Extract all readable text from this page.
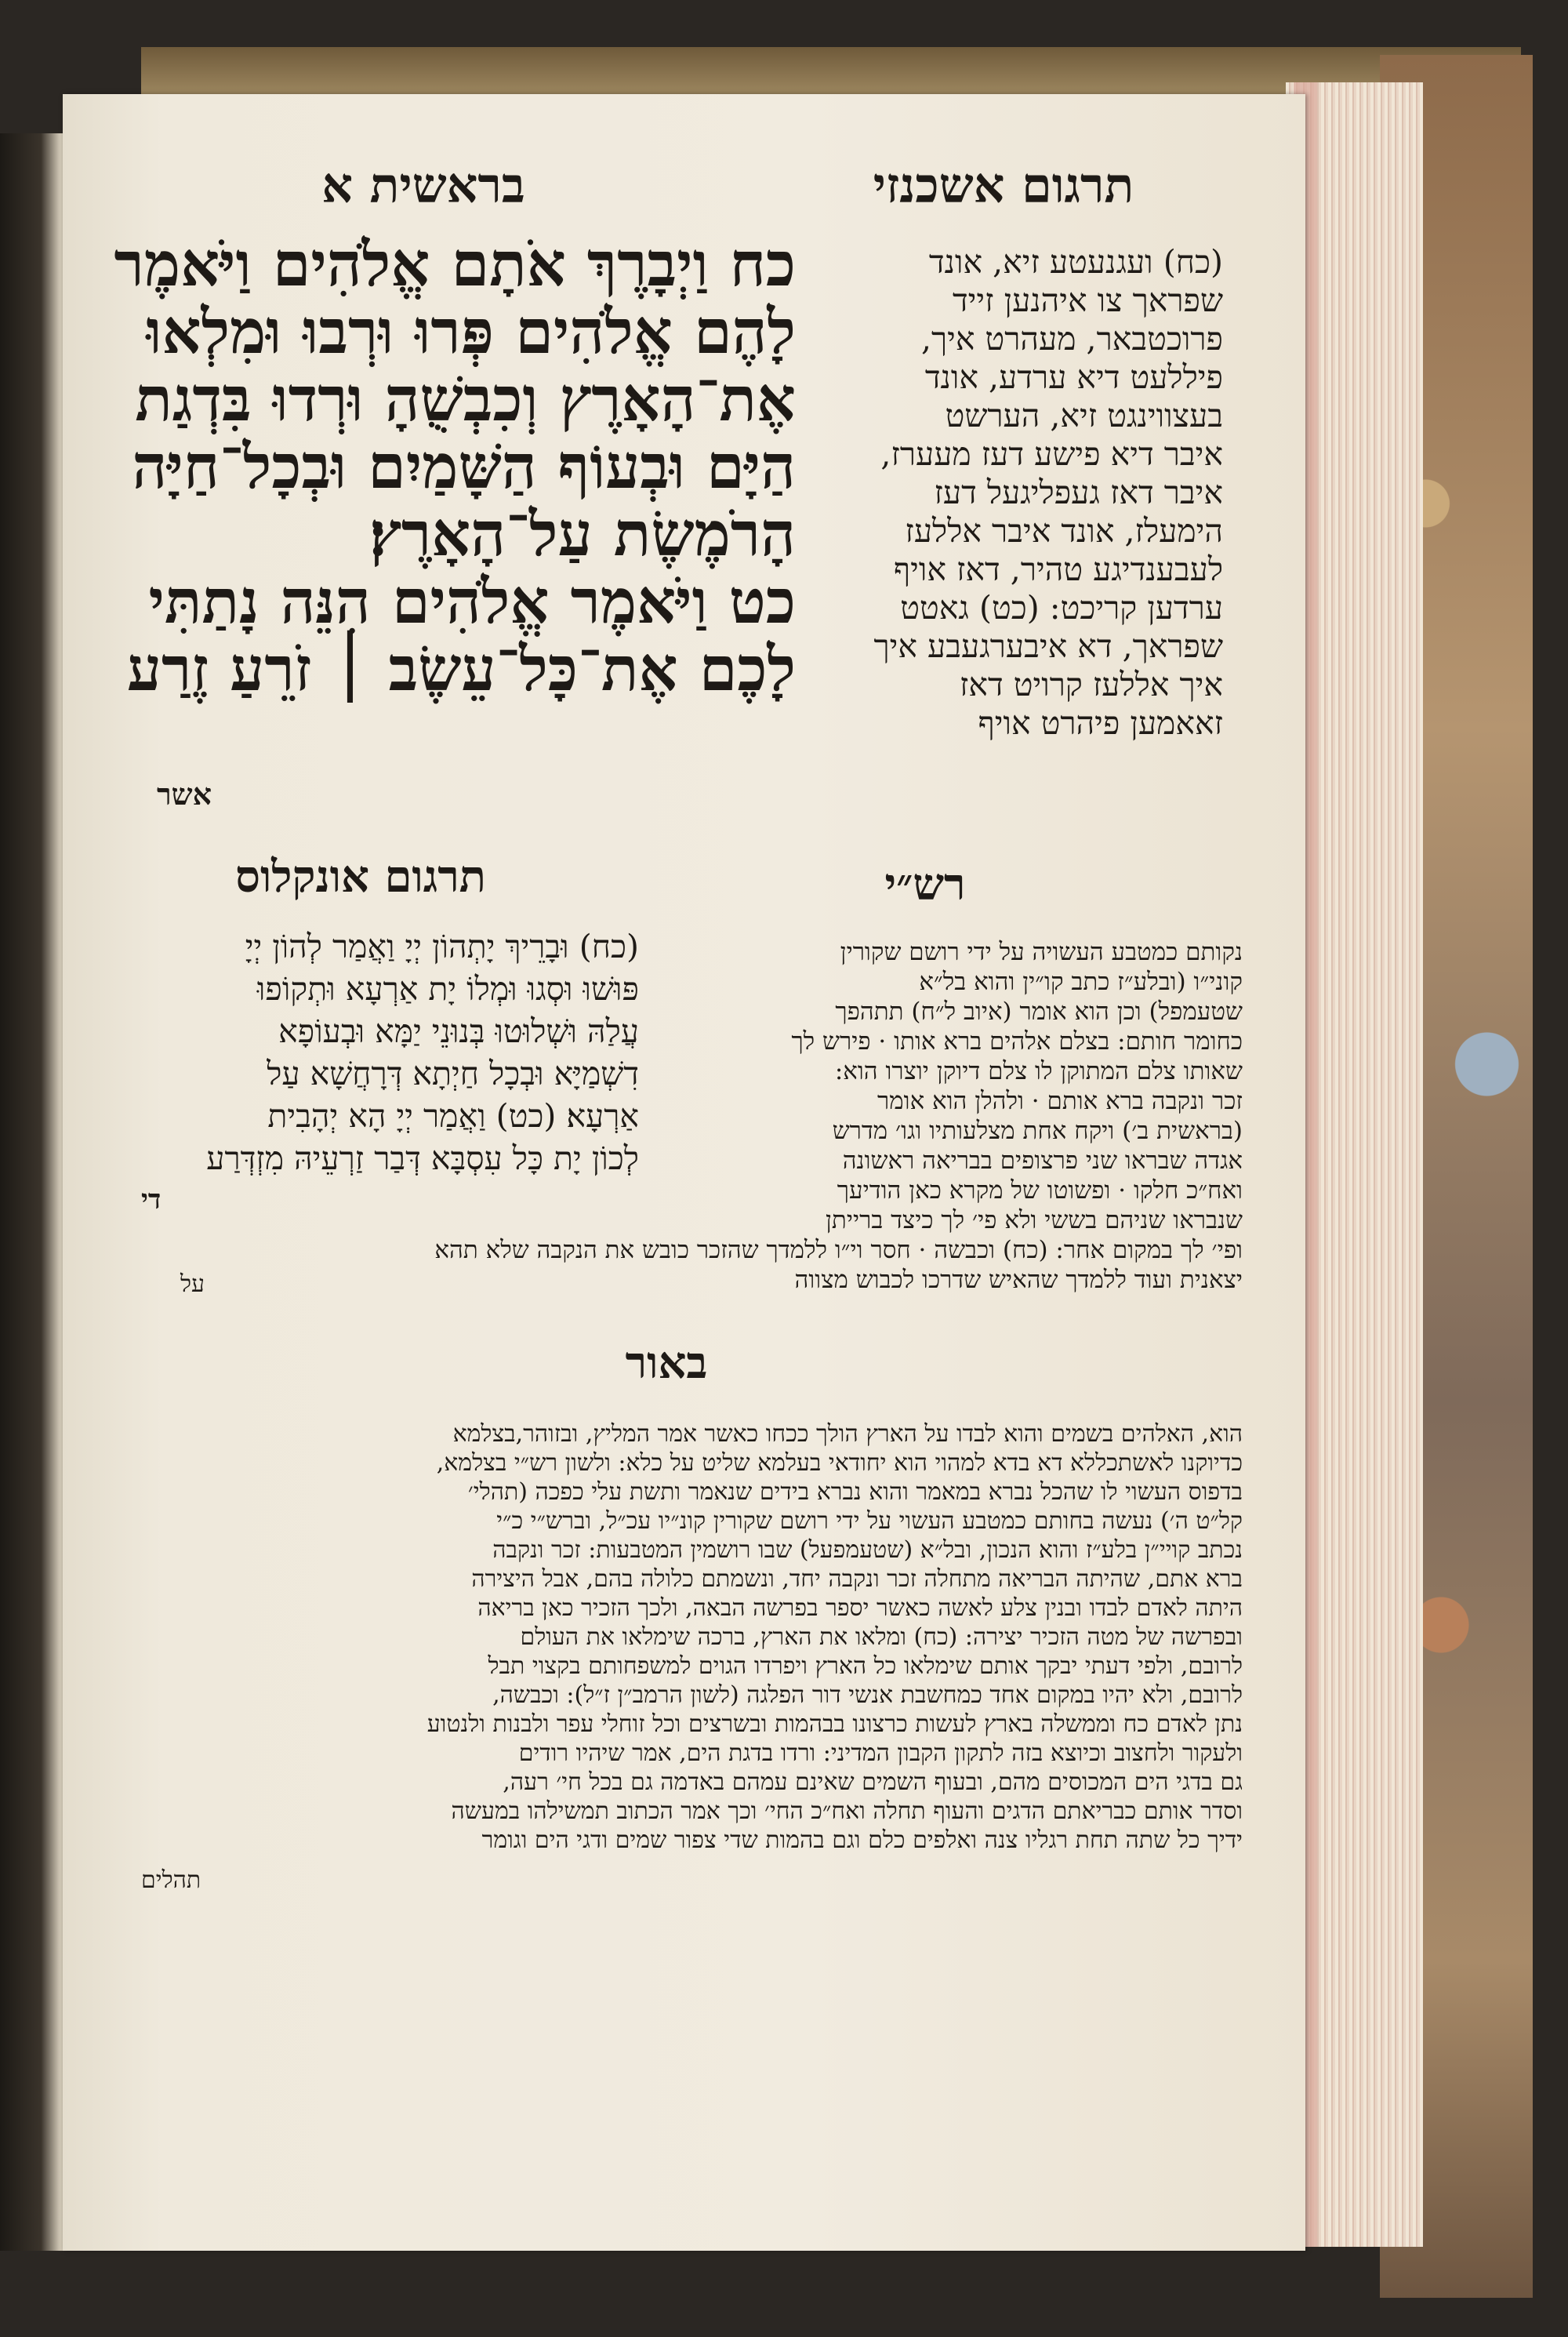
בראשית א	תרגום אשכנזי
כח וַיְבָרֶךְ אֹתָם אֱלֹהִים וַיֹּאמֶר
לָהֶם אֱלֹהִים פְּרוּ וּרְבוּ וּמִלְאוּ
אֶת־הָאָרֶץ וְכִבְשֻׁהָ וּרְדוּ בִּדְגַת
הַיָּם וּבְעוֹף הַשָּׁמַיִם וּבְכָל־חַיָּה
הָרֹמֶשֶׂת עַל־הָאָרֶץ׃
כט וַיֹּאמֶר אֱלֹהִים הִנֵּה נָתַתִּי
לָכֶם אֶת־כָּל־עֵשֶׂב ׀ זֹרֵעַ זֶרַע
אשר
(כח) ועגנעטע זיא, אונד
שפראך צו איהנען זייד
פרוכטבאר, מעהרט איך,
פיללעט דיא ערדע, אונד
בעצווינגט זיא, הערשט
איבר דיא פישע דעז מעערז,
איבר דאז געפליגעל דעז
הימעלז, אונד איבר אללעז
לעבענדיגע טהיר, דאז אויף
ערדען קריכט: (כט) גאטט
שפראך, דא איבערגעבע איך
איך אללעז קרויט דאז
זאאמען פיהרט אויף
תרגום אונקלוס
(כח) וּבָרֵיךְ יָתְהוֹן יְיָ וַאֲמַר לְהוֹן יְיָ
פּוּשׁוּ וּסְגוּ וּמְלוֹ יָת אַרְעָא וּתְקוֹפוּ
עֲלַהּ וּשְׁלוּטוּ בְּנוּנֵי יַמָּא וּבְעוֹפָא
דִשְׁמַיָּא וּבְכָל חַיְתָא דְּרָחֲשָׁא עַל
אַרְעָא׃ (כט) וַאֲמַר יְיָ הָא יְהָבִית
לְכוֹן יָת כָּל עִסְבָּא דְּבַר זַרְעֵיהּ מִזְדְּרַע
די
רש״י
נקותם כמטבע העשויה על ידי רושם שקורין
קוני״ו (ובלע״ז כתב קו״ין והוא בל״א
שטעמפל) וכן הוא אומר (איוב ל״ח) תתהפך
כחומר חותם: בצלם אלהים ברא אותו · פירש לך
שאותו צלם המתוקן לו צלם דיוקן יוצרו הוא:
זכר ונקבה ברא אותם · ולהלן הוא אומר
(בראשית ב׳) ויקח אחת מצלעותיו וגו׳ מדרש
אגדה שבראו שני פרצופים בבריאה ראשונה
ואח״כ חלקו · ופשוטו של מקרא כאן הודיעך
שנבראו שניהם בששי ולא פי׳ לך כיצד ברייתן
ופי׳ לך במקום אחר: (כח) וכבשה · חסר וי״ו ללמדך שהזכר כובש את הנקבה שלא תהא
יצאנית ועוד ללמדך שהאיש שדרכו לכבוש מצווה
על
באור
הוא, האלהים בשמים והוא לבדו על הארץ הולך ככחו כאשר אמר המליץ, ובזוהר,בצלמא
כדיוקנו לאשתכללא דא בדא למהוי הוא יחודאי בעלמא שליט על כלא: ולשון רש״י בצלמא,
בדפוס העשוי לו שהכל נברא במאמר והוא נברא בידים שנאמר ותשת עלי כפכה (תהלי׳
קל״ט ה׳) נעשה בחותם כמטבע העשוי על ידי רושם שקורין קונ״יו עכ״ל, וברש״י כ״י
נכתב קויי״ן בלע״ז והוא הנכון, ובל״א (שטעמפעל) שבו רושמין המטבעות: זכר ונקבה
ברא אתם, שהיתה הבריאה מתחלה זכר ונקבה יחד, ונשמתם כלולה בהם, אבל היצירה
היתה לאדם לבדו ובנין צלע לאשה כאשר יספר בפרשה הבאה, ולכך הזכיר כאן בריאה
ובפרשה של מטה הזכיר יצירה: (כח) ומלאו את הארץ, ברכה שימלאו את העולם
לרובם, ולפי דעתי יבקך אותם שימלאו כל הארץ ויפרדו הגוים למשפחותם בקצוי תבל
לרובם, ולא יהיו במקום אחד כמחשבת אנשי דור הפלגה (לשון הרמב״ן ז״ל): וכבשה,
נתן לאדם כח וממשלה בארץ לעשות כרצונו בבהמות ובשרצים וכל זוחלי עפר ולבנות ולנטוע
ולעקור ולחצוב וכיוצא בזה לתקון הקבון המדיני: ורדו בדגת הים, אמר שיהיו רודים
גם בדגי הים המכוסים מהם, ובעוף השמים שאינם עמהם באדמה גם בכל חי׳ רעה,
וסדר אותם כבריאתם הדגים והעוף תחלה ואח״כ החי׳ וכך אמר הכתוב תמשילהו במעשה
ידיך כל שתה תחת רגליו צנה ואלפים כלם וגם בהמות שדי צפור שמים ודגי הים וגומר
תהלים
